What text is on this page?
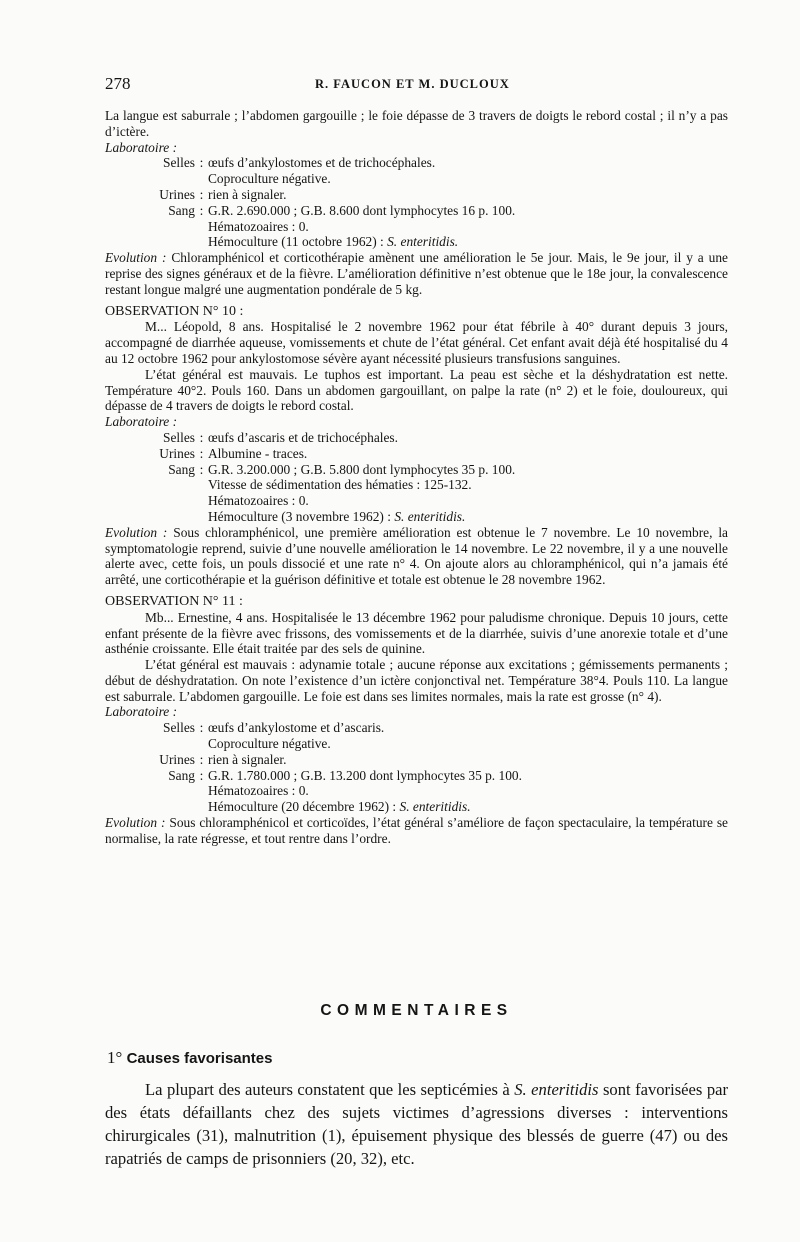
278	R. FAUCON ET M. DUCLOUX

La langue est saburrale ; l’abdomen gargouille ; le foie dépasse de 3 travers de doigts le rebord costal ; il n’y a pas d’ictère.

Laboratoire :

Selles : œufs d’ankylostomes et de trichocéphales.

Coproculture négative.

Urines : rien à signaler.
Sang : G.R. 2.690.000 ; G.B. 8.600 dont lymphocytes 16 p. 100.

Hématozoaires : 0.

Hémoculture (11 octobre 1962) : S. enteritidis.

Evolution : Chloramphénicol et corticothérapie amènent une amélioration le 5e jour. Mais, le 9e jour, il y a une reprise des signes généraux et de la fièvre. L’amélioration définitive n’est obtenue que le 18e jour, la convalescence restant longue malgré une augmentation pondérale de 5 kg.

OBSERVATION N° 10 :

M... Léopold, 8 ans. Hospitalisé le 2 novembre 1962 pour état fébrile à 40° durant depuis 3 jours, accompagné de diarrhée aqueuse, vomissements et chute de l’état général. Cet enfant avait déjà été hospitalisé du 4 au 12 octobre 1962 pour ankylostomose sévère ayant nécessité plusieurs transfusions sanguines.

L’état général est mauvais. Le tuphos est important. La peau est sèche et la déshydratation est nette. Température 40°2. Pouls 160. Dans un abdomen gargouillant, on palpe la rate (n° 2) et le foie, douloureux, qui dépasse de 4 travers de doigts le rebord costal.

Laboratoire :

Selles : œufs d’ascaris et de trichocéphales.
Urines : Albumine - traces.
Sang : G.R. 3.200.000 ; G.B. 5.800 dont lymphocytes 35 p. 100.

Vitesse de sédimentation des hématies : 125-132.

Hématozoaires : 0.

Hémoculture (3 novembre 1962) : S. enteritidis.

Evolution : Sous chloramphénicol, une première amélioration est obtenue le 7 novembre. Le 10 novembre, la symptomatologie reprend, suivie d’une nouvelle amélioration le 14 novembre. Le 22 novembre, il y a une nouvelle alerte avec, cette fois, un pouls dissocié et une rate n° 4. On ajoute alors au chloramphénicol, qui n’a jamais été arrêté, une corticothérapie et la guérison définitive et totale est obtenue le 28 novembre 1962.

OBSERVATION N° 11 :

Mb... Ernestine, 4 ans. Hospitalisée le 13 décembre 1962 pour paludisme chronique. Depuis 10 jours, cette enfant présente de la fièvre avec frissons, des vomissements et de la diarrhée, suivis d’une anorexie totale et d’une asthénie croissante. Elle était traitée par des sels de quinine.

L’état général est mauvais : adynamie totale ; aucune réponse aux excitations ; gémissements permanents ; début de déshydratation. On note l’existence d’un ictère conjonctival net. Température 38°4. Pouls 110. La langue est saburrale. L’abdomen gargouille. Le foie est dans ses limites normales, mais la rate est grosse (n° 4).

Laboratoire :

Selles : œufs d’ankylostome et d’ascaris.

Coproculture négative.

Urines : rien à signaler.
Sang : G.R. 1.780.000 ; G.B. 13.200 dont lymphocytes 35 p. 100.

Hématozoaires : 0.

Hémoculture (20 décembre 1962) : S. enteritidis.

Evolution : Sous chloramphénicol et corticoïdes, l’état général s’améliore de façon spectaculaire, la température se normalise, la rate régresse, et tout rentre dans l’ordre.

COMMENTAIRES
1° Causes favorisantes

La plupart des auteurs constatent que les septicémies à S. enteritidis sont favorisées par des états défaillants chez des sujets victimes d’agressions diverses : interventions chirurgicales (31), malnutrition (1), épuisement physique des blessés de guerre (47) ou des rapatriés de camps de prisonniers (20, 32), etc.
